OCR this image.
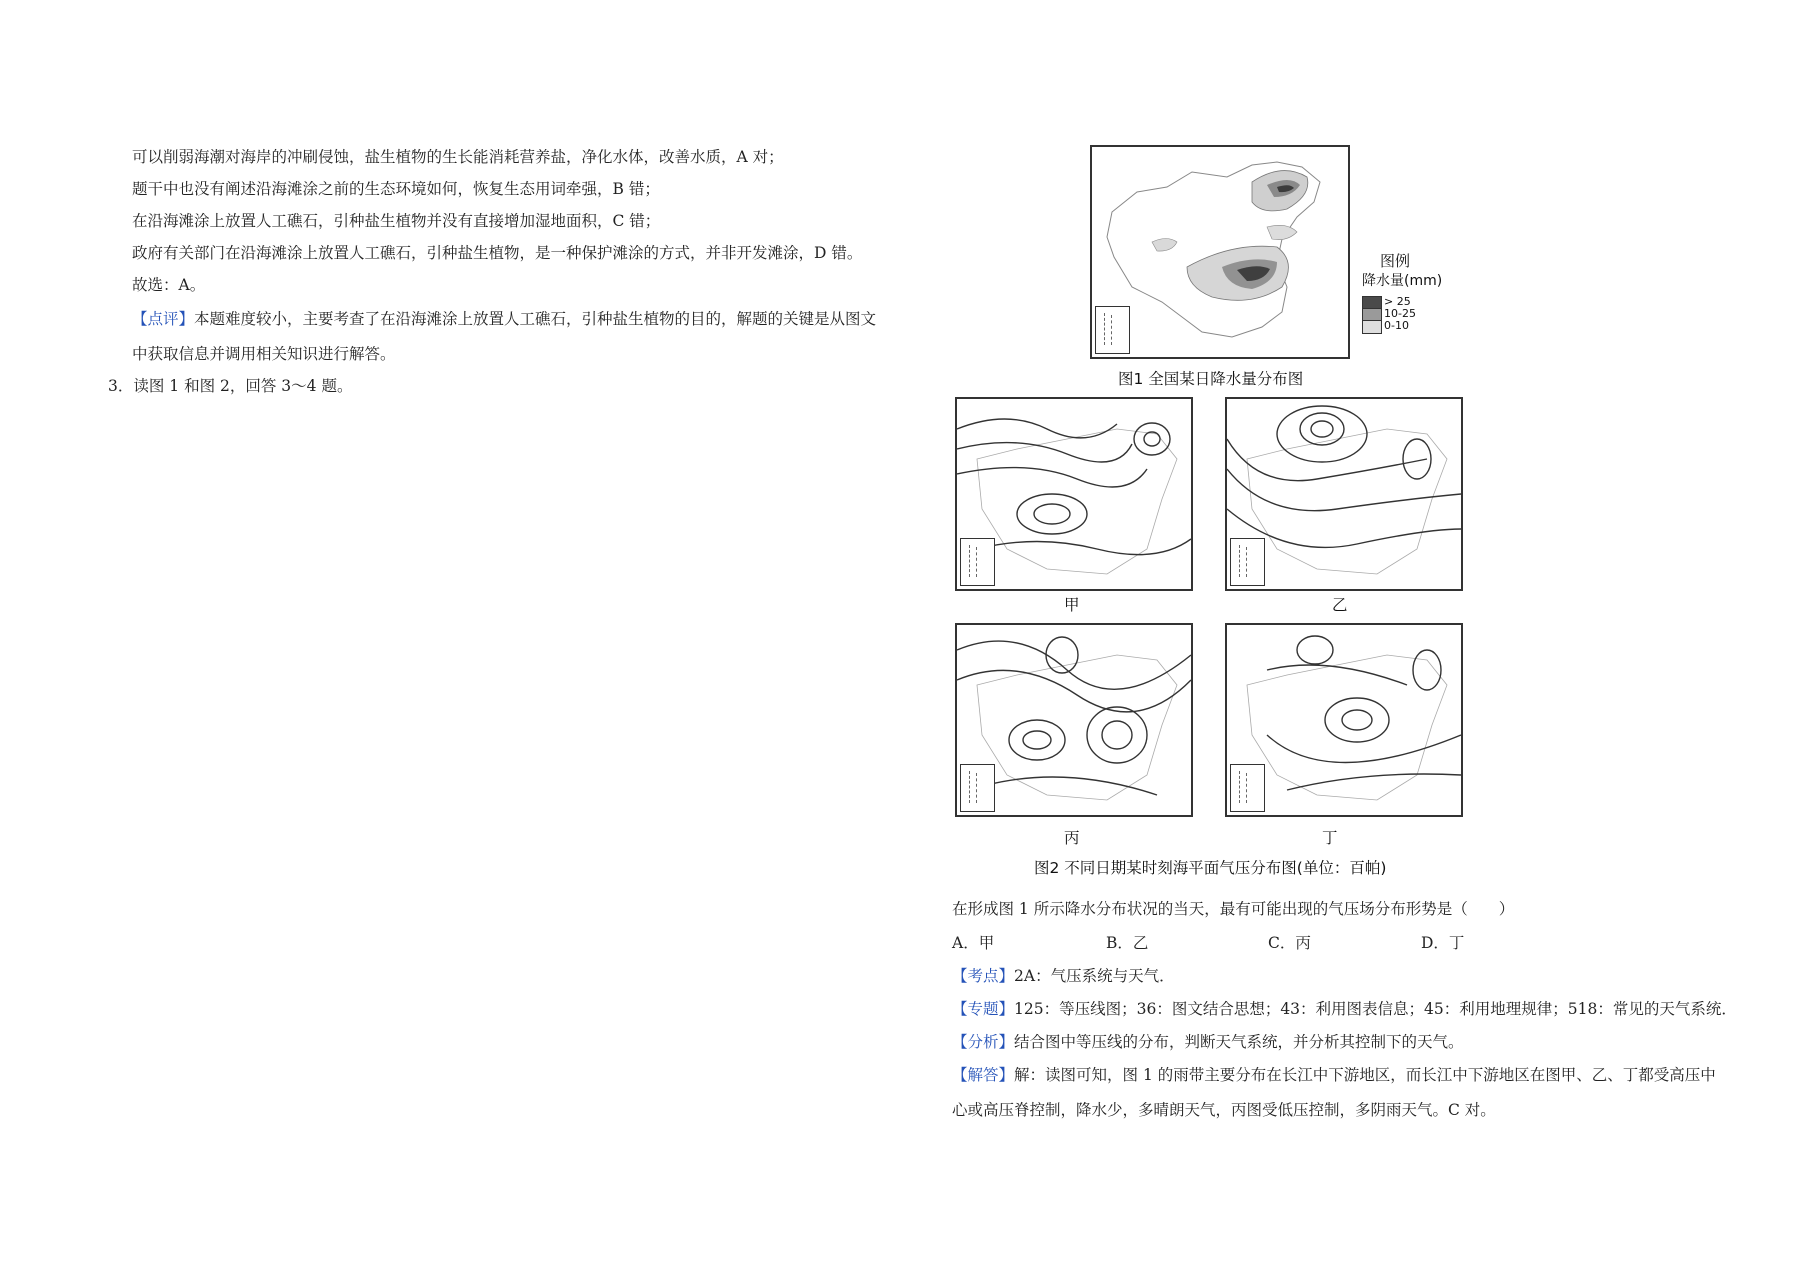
可以削弱海潮对海岸的冲刷侵蚀，盐生植物的生长能消耗营养盐，净化水体，改善水质，A 对；
题干中也没有阐述沿海滩涂之前的生态环境如何，恢复生态用词牵强，B 错；
在沿海滩涂上放置人工礁石，引种盐生植物并没有直接增加湿地面积，C 错；
政府有关部门在沿海滩涂上放置人工礁石，引种盐生植物，是一种保护滩涂的方式，并非开发滩涂，D 错。
故选：A。
【点评】本题难度较小，主要考查了在沿海滩涂上放置人工礁石，引种盐生植物的目的，解题的关键是从图文
中获取信息并调用相关知识进行解答。
3．读图 1 和图 2，回答 3～4 题。
图例
降水量(mm)
> 25
10-25
0-10
图1 全国某日降水量分布图
甲	乙
丙	丁
图2 不同日期某时刻海平面气压分布图(单位：百帕)
在形成图 1 所示降水分布状况的当天，最有可能出现的气压场分布形势是（　　）
A．甲	B．乙	C．丙	D．丁
【考点】2A：气压系统与天气．
【专题】125：等压线图；36：图文结合思想；43：利用图表信息；45：利用地理规律；518：常见的天气系统．
【分析】结合图中等压线的分布，判断天气系统，并分析其控制下的天气。
【解答】解：读图可知，图 1 的雨带主要分布在长江中下游地区，而长江中下游地区在图甲、乙、丁都受高压中
心或高压脊控制，降水少，多晴朗天气，丙图受低压控制，多阴雨天气。C 对。
